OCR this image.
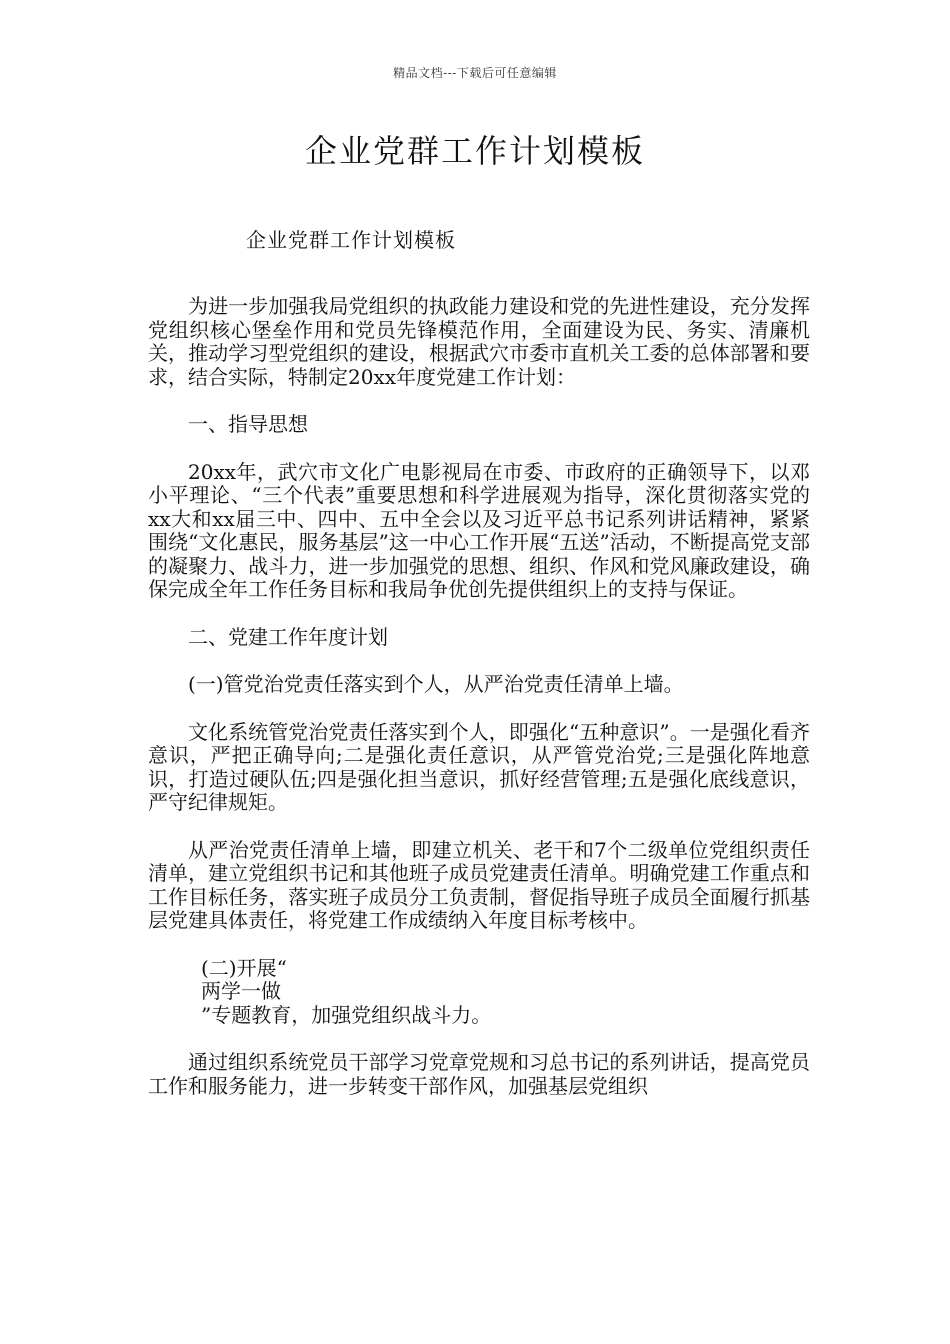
精品文档---下载后可任意编辑
企业党群工作计划模板
企业党群工作计划模板

为进一步加强我局党组织的执政能力建设和党的先进性建设，充分发挥党组织核心堡垒作用和党员先锋模范作用，全面建设为民、务实、清廉机关，推动学习型党组织的建设，根据武穴市委市直机关工委的总体部署和要求，结合实际，特制定20xx年度党建工作计划：

一、指导思想

20xx年，武穴市文化广电影视局在市委、市政府的正确领导下，以邓小平理论、“三个代表”重要思想和科学进展观为指导，深化贯彻落实党的xx大和xx届三中、四中、五中全会以及习近平总书记系列讲话精神，紧紧围绕“文化惠民，服务基层”这一中心工作开展“五送”活动，不断提高党支部的凝聚力、战斗力，进一步加强党的思想、组织、作风和党风廉政建设，确保完成全年工作任务目标和我局争优创先提供组织上的支持与保证。

二、党建工作年度计划

(一)管党治党责任落实到个人，从严治党责任清单上墙。

文化系统管党治党责任落实到个人，即强化“五种意识”。一是强化看齐意识，严把正确导向;二是强化责任意识，从严管党治党;三是强化阵地意识，打造过硬队伍;四是强化担当意识，抓好经营管理;五是强化底线意识，严守纪律规矩。

从严治党责任清单上墙，即建立机关、老干和7个二级单位党组织责任清单，建立党组织书记和其他班子成员党建责任清单。明确党建工作重点和工作目标任务，落实班子成员分工负责制，督促指导班子成员全面履行抓基层党建具体责任，将党建工作成绩纳入年度目标考核中。

(二)开展“
两学一做
”专题教育，加强党组织战斗力。

通过组织系统党员干部学习党章党规和习总书记的系列讲话，提高党员工作和服务能力，进一步转变干部作风，加强基层党组织
